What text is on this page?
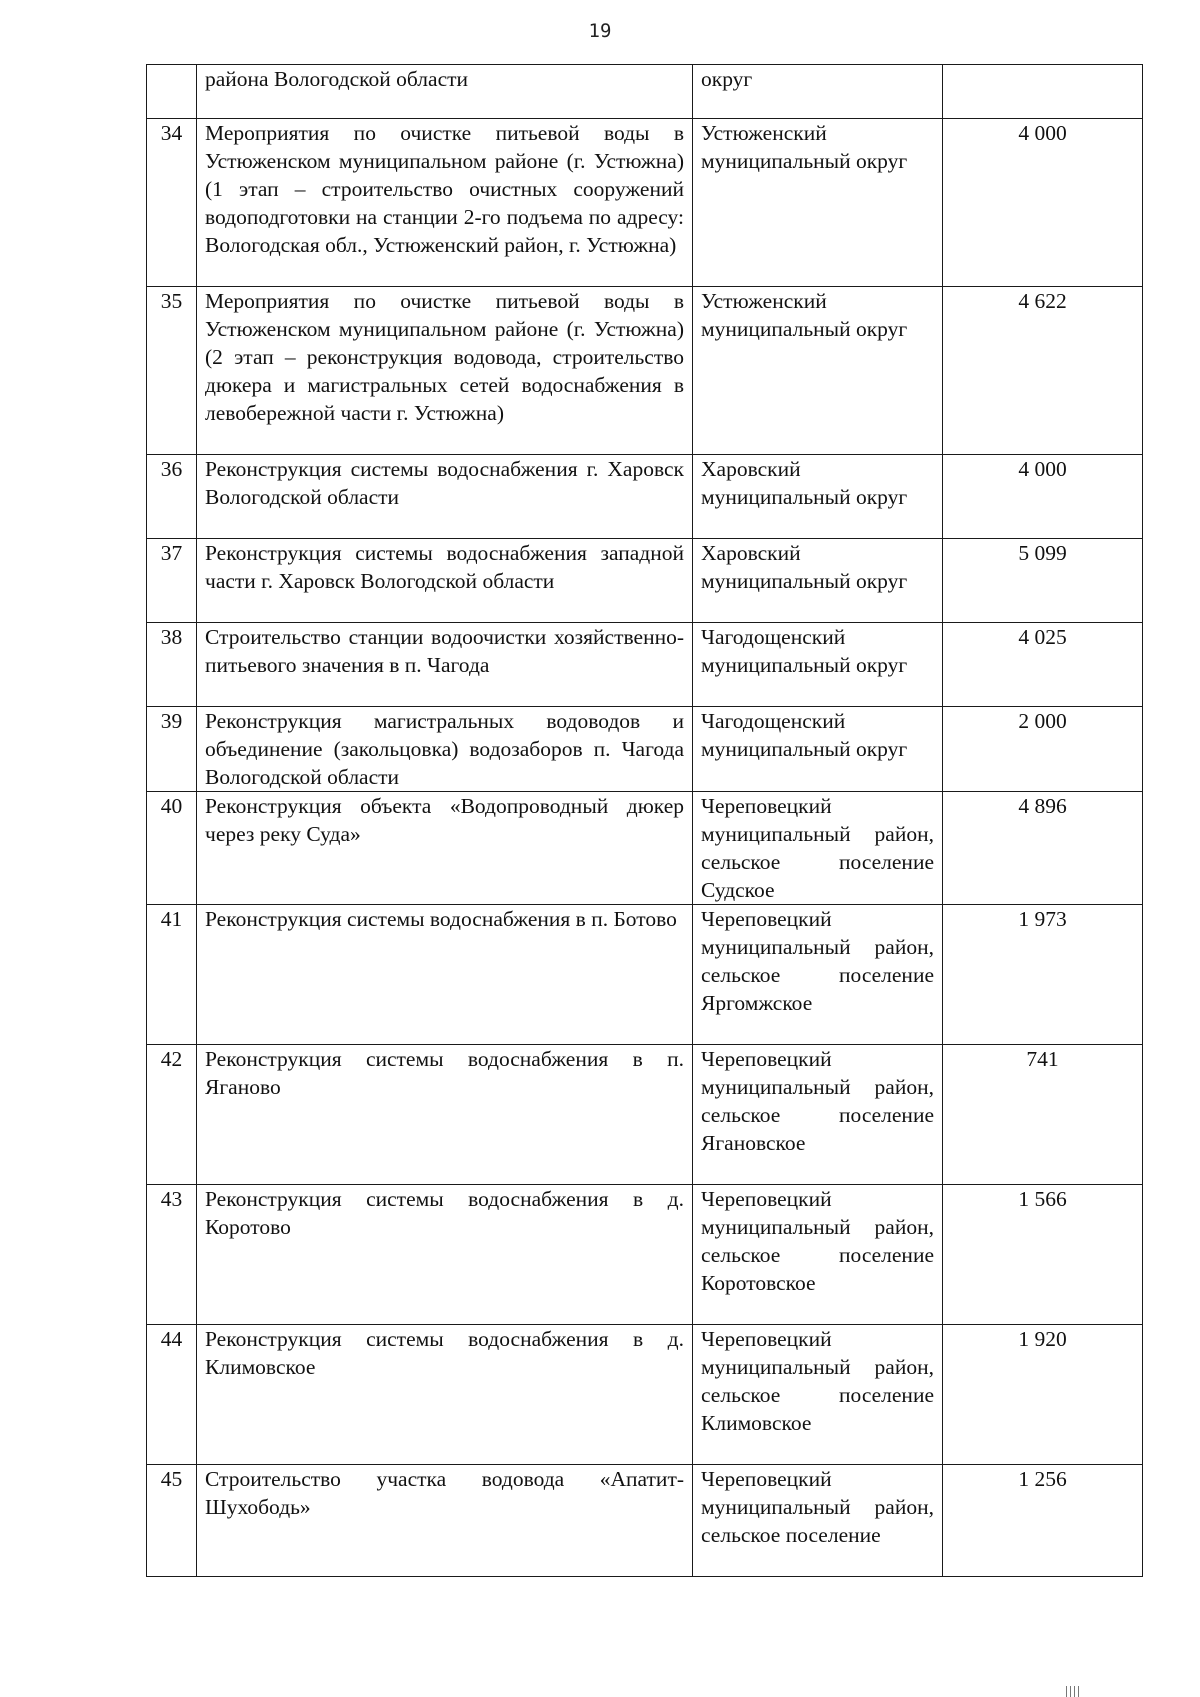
19
	района Вологодской области	округ	
34	Мероприятия по очистке питьевой воды в Устюженском муниципальном районе (г. Устюжна) (1 этап – строительство очистных сооружений водоподготовки на станции 2-го подъема по адресу: Вологодская обл., Устюженский район, г. Устюжна)	Устюженский муниципальный округ	4 000
35	Мероприятия по очистке питьевой воды в Устюженском муниципальном районе (г. Устюжна) (2 этап – реконструкция водовода, строительство дюкера и магистральных сетей водоснабжения в левобережной части г. Устюжна)	Устюженский муниципальный округ	4 622
36	Реконструкция системы водоснабжения г. Харовск Вологодской области	Харовский муниципальный округ	4 000
37	Реконструкция системы водоснабжения западной части г. Харовск Вологодской области	Харовский муниципальный округ	5 099
38	Строительство станции водоочистки хозяйственно-питьевого значения в п. Чагода	Чагодощенский муниципальный округ	4 025
39	Реконструкция магистральных водоводов и объединение (закольцовка) водозаборов п. Чагода Вологодской области	Чагодощенский муниципальный округ	2 000
40	Реконструкция объекта «Водопроводный дюкер через реку Суда»	Череповецкий муниципальный район, сельское поселение Судское	4 896
41	Реконструкция системы водоснабжения в п. Ботово	Череповецкий муниципальный район, сельское поселение Яргомжское	1 973
42	Реконструкция системы водоснабжения в п. Яганово	Череповецкий муниципальный район, сельское поселение Ягановское	741
43	Реконструкция системы водоснабжения в д. Коротово	Череповецкий муниципальный район, сельское поселение Коротовское	1 566
44	Реконструкция системы водоснабжения в д. Климовское	Череповецкий муниципальный район, сельское поселение Климовское	1 920
45	Строительство участка водовода «Апатит-Шухободь»	Череповецкий муниципальный район, сельское поселение	1 256
